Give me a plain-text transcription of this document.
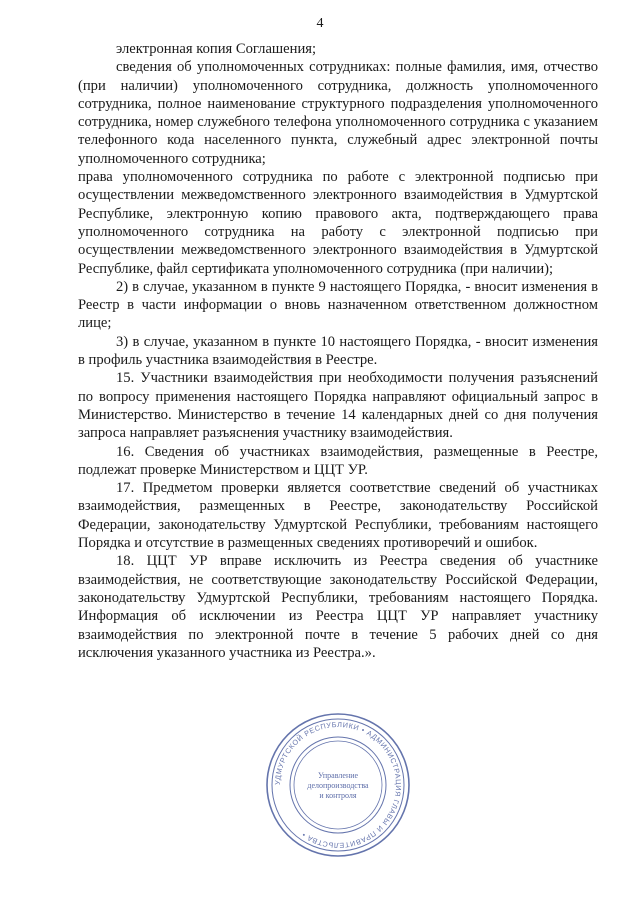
4

электронная копия Соглашения;

сведения об уполномоченных сотрудниках: полные фамилия, имя, отчество (при наличии) уполномоченного сотрудника, должность уполномоченного сотрудника, полное наименование структурного подразделения уполномоченного сотрудника, номер служебного телефона уполномоченного сотрудника с указанием телефонного кода населенного пункта, служебный адрес электронной почты уполномоченного сотрудника;

права уполномоченного сотрудника по работе с электронной подписью при осуществлении межведомственного электронного взаимодействия в Удмуртской Республике, электронную копию правового акта, подтверждающего права уполномоченного сотрудника на работу с электронной подписью при осуществлении межведомственного электронного взаимодействия в Удмуртской Республике, файл сертификата уполномоченного сотрудника (при наличии);

2) в случае, указанном в пункте 9 настоящего Порядка, - вносит изменения в Реестр в части информации о вновь назначенном ответственном должностном лице;

3) в случае, указанном в пункте 10 настоящего Порядка, - вносит изменения в профиль участника взаимодействия в Реестре.

15. Участники взаимодействия при необходимости получения разъяснений по вопросу применения настоящего Порядка направляют официальный запрос в Министерство. Министерство в течение 14 календарных дней со дня получения запроса направляет разъяснения участнику взаимодействия.

16. Сведения об участниках взаимодействия, размещенные в Реестре, подлежат проверке Министерством и ЦЦТ УР.

17. Предметом проверки является соответствие сведений об участниках взаимодействия, размещенных в Реестре, законодательству Российской Федерации, законодательству Удмуртской Республики, требованиям настоящего Порядка и отсутствие в размещенных сведениях противоречий и ошибок.

18. ЦЦТ УР вправе исключить из Реестра сведения об участнике взаимодействия, не соответствующие законодательству Российской Федерации, законодательству Удмуртской Республики, требованиям настоящего Порядка. Информация об исключении из Реестра ЦЦТ УР направляет участнику взаимодействия по электронной почте в течение 5 рабочих дней со дня исключения указанного участника из Реестра.».

УДМУРТСКОЙ РЕСПУБЛИКИ • АДМИНИСТРАЦИЯ ГЛАВЫ И ПРАВИТЕЛЬСТВА •
Управление
делопроизводства
и контроля
